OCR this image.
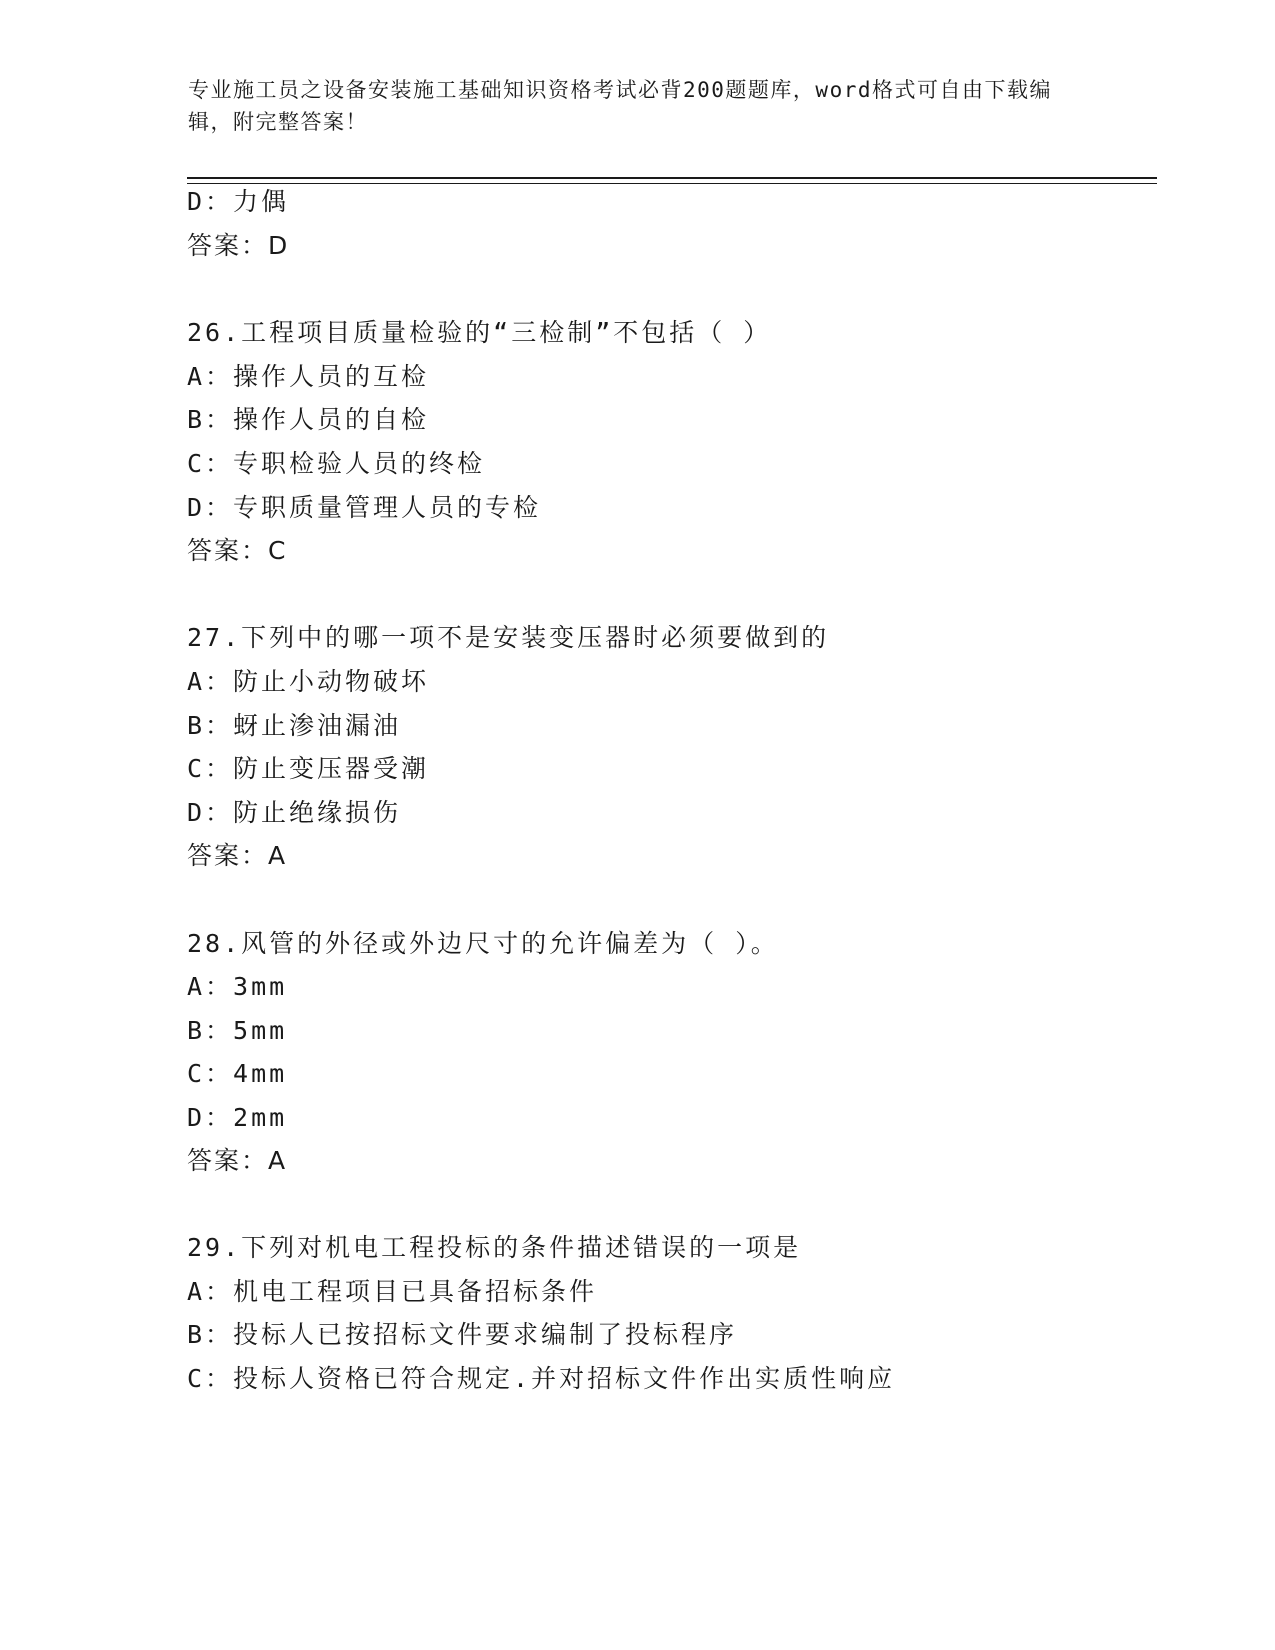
专业施工员之设备安装施工基础知识资格考试必背200题题库，word格式可自由下载编辑，附完整答案！
D：力偶
答案：D
26.工程项目质量检验的“三检制”不包括（ ）
A：操作人员的互检
B：操作人员的自检
C：专职检验人员的终检
D：专职质量管理人员的专检
答案：C
27.下列中的哪一项不是安装变压器时必须要做到的
A：防止小动物破坏
B：蚜止渗油漏油
C：防止变压器受潮
D：防止绝缘损伤
答案：A
28.风管的外径或外边尺寸的允许偏差为（ ）。
A：3mm
B：5mm
C：4mm
D：2mm
答案：A
29.下列对机电工程投标的条件描述错误的一项是
A：机电工程项目已具备招标条件
B：投标人已按招标文件要求编制了投标程序
C：投标人资格已符合规定.并对招标文件作出实质性响应
